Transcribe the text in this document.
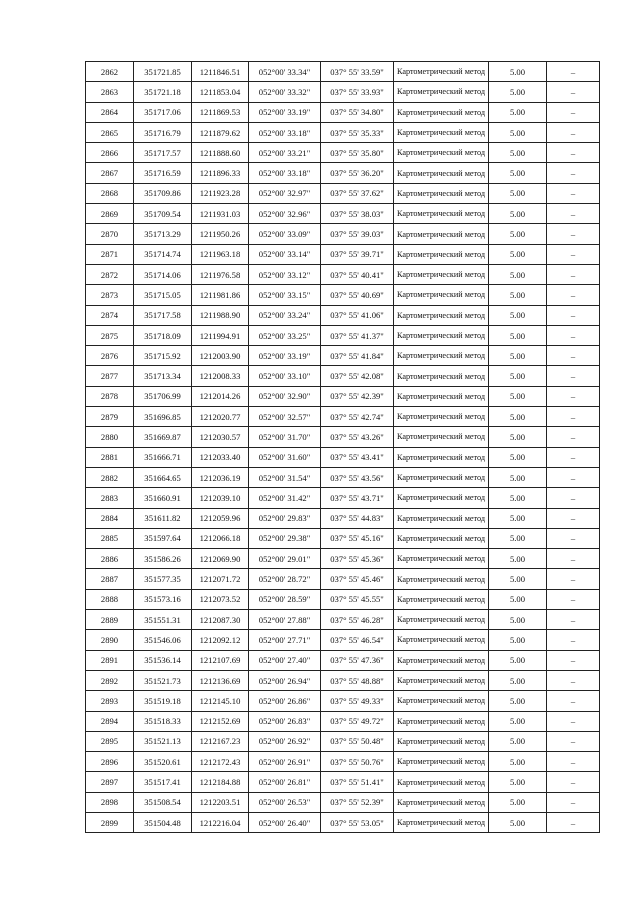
2862	351721.85	1211846.51	052°00' 33.34"	037° 55' 33.59"	Картометрический метод	5.00	–
2863	351721.18	1211853.04	052°00' 33.32"	037° 55' 33.93"	Картометрический метод	5.00	–
2864	351717.06	1211869.53	052°00' 33.19"	037° 55' 34.80"	Картометрический метод	5.00	–
2865	351716.79	1211879.62	052°00' 33.18"	037° 55' 35.33"	Картометрический метод	5.00	–
2866	351717.57	1211888.60	052°00' 33.21"	037° 55' 35.80"	Картометрический метод	5.00	–
2867	351716.59	1211896.33	052°00' 33.18"	037° 55' 36.20"	Картометрический метод	5.00	–
2868	351709.86	1211923.28	052°00' 32.97"	037° 55' 37.62"	Картометрический метод	5.00	–
2869	351709.54	1211931.03	052°00' 32.96"	037° 55' 38.03"	Картометрический метод	5.00	–
2870	351713.29	1211950.26	052°00' 33.09"	037° 55' 39.03"	Картометрический метод	5.00	–
2871	351714.74	1211963.18	052°00' 33.14"	037° 55' 39.71"	Картометрический метод	5.00	–
2872	351714.06	1211976.58	052°00' 33.12"	037° 55' 40.41"	Картометрический метод	5.00	–
2873	351715.05	1211981.86	052°00' 33.15"	037° 55' 40.69"	Картометрический метод	5.00	–
2874	351717.58	1211988.90	052°00' 33.24"	037° 55' 41.06"	Картометрический метод	5.00	–
2875	351718.09	1211994.91	052°00' 33.25"	037° 55' 41.37"	Картометрический метод	5.00	–
2876	351715.92	1212003.90	052°00' 33.19"	037° 55' 41.84"	Картометрический метод	5.00	–
2877	351713.34	1212008.33	052°00' 33.10"	037° 55' 42.08"	Картометрический метод	5.00	–
2878	351706.99	1212014.26	052°00' 32.90"	037° 55' 42.39"	Картометрический метод	5.00	–
2879	351696.85	1212020.77	052°00' 32.57"	037° 55' 42.74"	Картометрический метод	5.00	–
2880	351669.87	1212030.57	052°00' 31.70"	037° 55' 43.26"	Картометрический метод	5.00	–
2881	351666.71	1212033.40	052°00' 31.60"	037° 55' 43.41"	Картометрический метод	5.00	–
2882	351664.65	1212036.19	052°00' 31.54"	037° 55' 43.56"	Картометрический метод	5.00	–
2883	351660.91	1212039.10	052°00' 31.42"	037° 55' 43.71"	Картометрический метод	5.00	–
2884	351611.82	1212059.96	052°00' 29.83"	037° 55' 44.83"	Картометрический метод	5.00	–
2885	351597.64	1212066.18	052°00' 29.38"	037° 55' 45.16"	Картометрический метод	5.00	–
2886	351586.26	1212069.90	052°00' 29.01"	037° 55' 45.36"	Картометрический метод	5.00	–
2887	351577.35	1212071.72	052°00' 28.72"	037° 55' 45.46"	Картометрический метод	5.00	–
2888	351573.16	1212073.52	052°00' 28.59"	037° 55' 45.55"	Картометрический метод	5.00	–
2889	351551.31	1212087.30	052°00' 27.88"	037° 55' 46.28"	Картометрический метод	5.00	–
2890	351546.06	1212092.12	052°00' 27.71"	037° 55' 46.54"	Картометрический метод	5.00	–
2891	351536.14	1212107.69	052°00' 27.40"	037° 55' 47.36"	Картометрический метод	5.00	–
2892	351521.73	1212136.69	052°00' 26.94"	037° 55' 48.88"	Картометрический метод	5.00	–
2893	351519.18	1212145.10	052°00' 26.86"	037° 55' 49.33"	Картометрический метод	5.00	–
2894	351518.33	1212152.69	052°00' 26.83"	037° 55' 49.72"	Картометрический метод	5.00	–
2895	351521.13	1212167.23	052°00' 26.92"	037° 55' 50.48"	Картометрический метод	5.00	–
2896	351520.61	1212172.43	052°00' 26.91"	037° 55' 50.76"	Картометрический метод	5.00	–
2897	351517.41	1212184.88	052°00' 26.81"	037° 55' 51.41"	Картометрический метод	5.00	–
2898	351508.54	1212203.51	052°00' 26.53"	037° 55' 52.39"	Картометрический метод	5.00	–
2899	351504.48	1212216.04	052°00' 26.40"	037° 55' 53.05"	Картометрический метод	5.00	–
